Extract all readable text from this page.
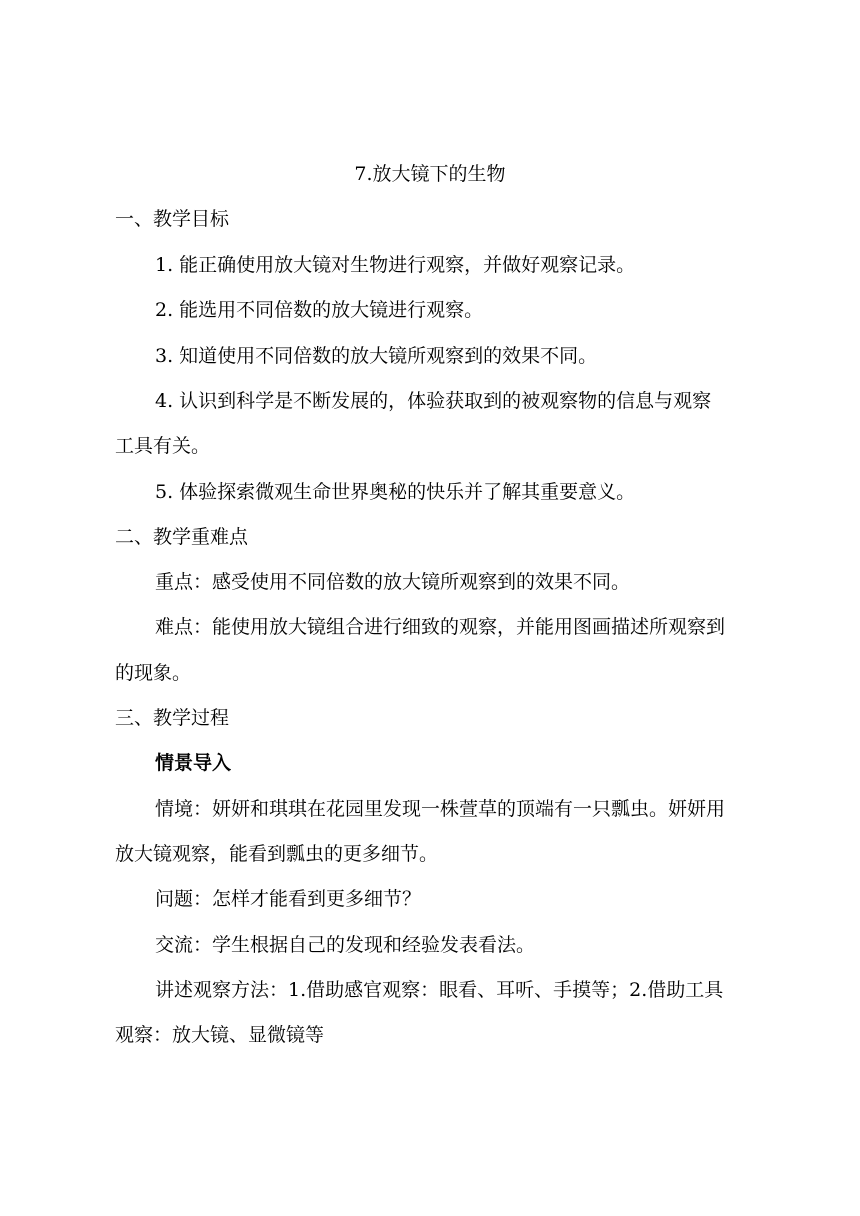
7.放大镜下的生物
一、教学目标
1. 能正确使用放大镜对生物进行观察，并做好观察记录。
2. 能选用不同倍数的放大镜进行观察。
3. 知道使用不同倍数的放大镜所观察到的效果不同。
4. 认识到科学是不断发展的，体验获取到的被观察物的信息与观察
工具有关。
5. 体验探索微观生命世界奥秘的快乐并了解其重要意义。
二、教学重难点
重点：感受使用不同倍数的放大镜所观察到的效果不同。
难点：能使用放大镜组合进行细致的观察，并能用图画描述所观察到
的现象。
三、教学过程
情景导入
情境：妍妍和琪琪在花园里发现一株萱草的顶端有一只瓢虫。妍妍用
放大镜观察，能看到瓢虫的更多细节。
问题：怎样才能看到更多细节？
交流：学生根据自己的发现和经验发表看法。
讲述观察方法：1.借助感官观察：眼看、耳听、手摸等；2.借助工具
观察：放大镜、显微镜等
